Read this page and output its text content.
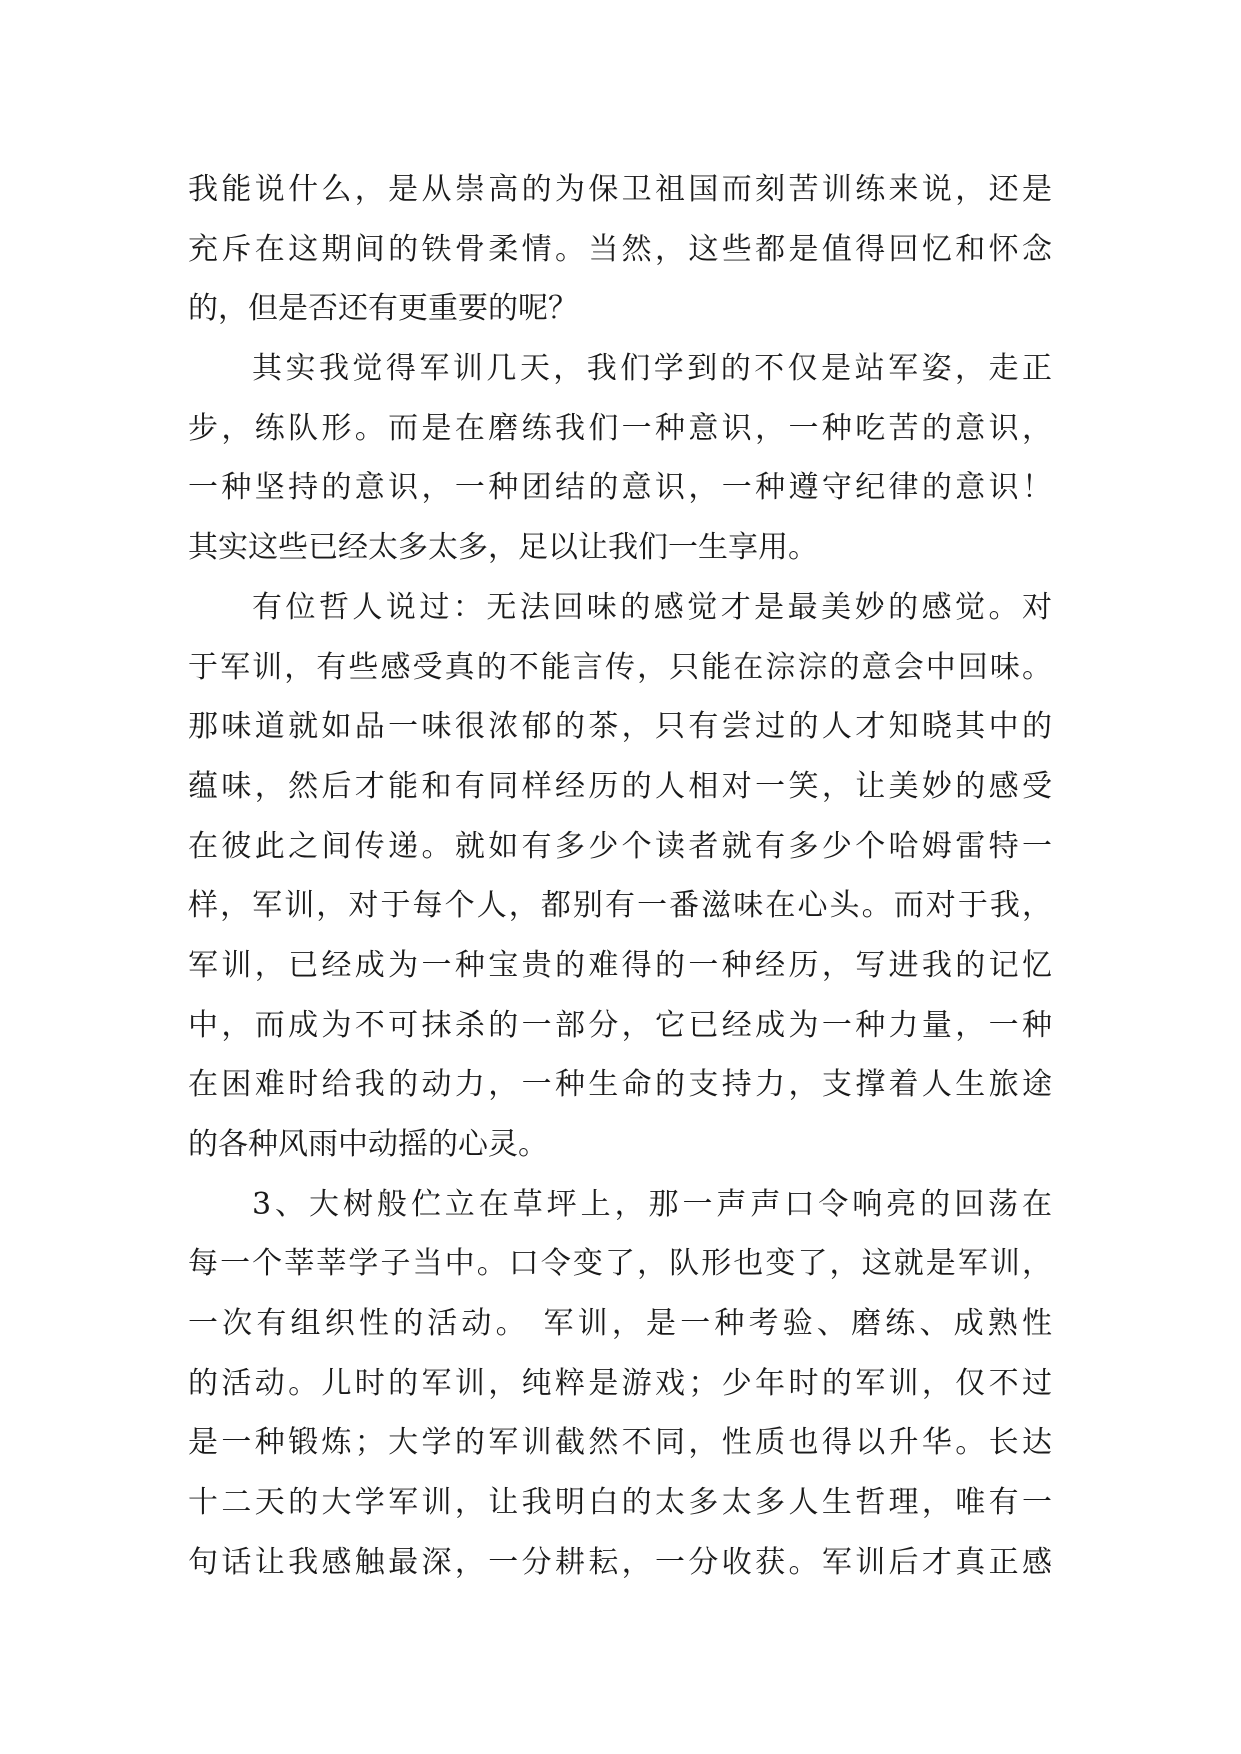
我能说什么，是从崇高的为保卫祖国而刻苦训练来说，还是
充斥在这期间的铁骨柔情。当然，这些都是值得回忆和怀念
的，但是否还有更重要的呢？
其实我觉得军训几天，我们学到的不仅是站军姿，走正
步，练队形。而是在磨练我们一种意识，一种吃苦的意识，
一种坚持的意识，一种团结的意识，一种遵守纪律的意识！
其实这些已经太多太多，足以让我们一生享用。
有位哲人说过：无法回味的感觉才是最美妙的感觉。对
于军训，有些感受真的不能言传，只能在淙淙的意会中回味。
那味道就如品一味很浓郁的茶，只有尝过的人才知晓其中的
蕴味，然后才能和有同样经历的人相对一笑，让美妙的感受
在彼此之间传递。就如有多少个读者就有多少个哈姆雷特一
样，军训，对于每个人，都别有一番滋味在心头。而对于我，
军训，已经成为一种宝贵的难得的一种经历，写进我的记忆
中，而成为不可抹杀的一部分，它已经成为一种力量，一种
在困难时给我的动力，一种生命的支持力，支撑着人生旅途
的各种风雨中动摇的心灵。
3、大树般伫立在草坪上，那一声声口令响亮的回荡在
每一个莘莘学子当中。口令变了，队形也变了，这就是军训，
一次有组织性的活动。 军训，是一种考验、磨练、成熟性
的活动。儿时的军训，纯粹是游戏；少年时的军训，仅不过
是一种锻炼；大学的军训截然不同，性质也得以升华。长达
十二天的大学军训，让我明白的太多太多人生哲理，唯有一
句话让我感触最深，一分耕耘，一分收获。军训后才真正感
